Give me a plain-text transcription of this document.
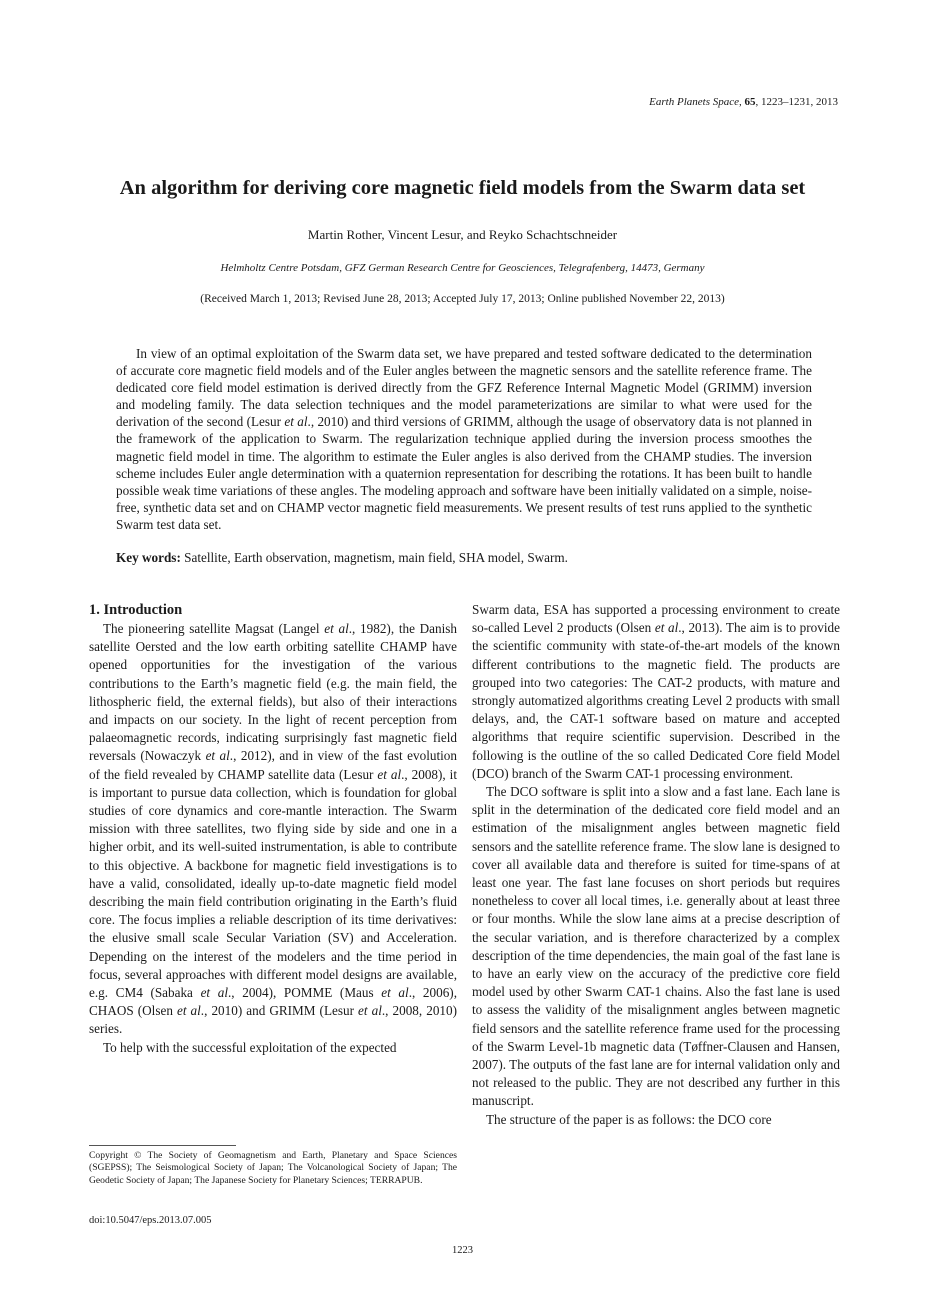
Earth Planets Space, 65, 1223–1231, 2013
An algorithm for deriving core magnetic field models from the Swarm data set
Martin Rother, Vincent Lesur, and Reyko Schachtschneider
Helmholtz Centre Potsdam, GFZ German Research Centre for Geosciences, Telegrafenberg, 14473, Germany
(Received March 1, 2013; Revised June 28, 2013; Accepted July 17, 2013; Online published November 22, 2013)

In view of an optimal exploitation of the Swarm data set, we have prepared and tested software dedicated to the determination of accurate core magnetic field models and of the Euler angles between the magnetic sensors and the satellite reference frame. The dedicated core field model estimation is derived directly from the GFZ Reference Internal Magnetic Model (GRIMM) inversion and modeling family. The data selection techniques and the model parameterizations are similar to what were used for the derivation of the second (Lesur et al., 2010) and third versions of GRIMM, although the usage of observatory data is not planned in the framework of the application to Swarm. The regularization technique applied during the inversion process smoothes the magnetic field model in time. The algorithm to estimate the Euler angles is also derived from the CHAMP studies. The inversion scheme includes Euler angle determination with a quaternion representation for describing the rotations. It has been built to handle possible weak time variations of these angles. The modeling approach and software have been initially validated on a simple, noise-free, synthetic data set and on CHAMP vector magnetic field measurements. We present results of test runs applied to the synthetic Swarm test data set.

Key words: Satellite, Earth observation, magnetism, main field, SHA model, Swarm.
1. Introduction

The pioneering satellite Magsat (Langel et al., 1982), the Danish satellite Oersted and the low earth orbiting satellite CHAMP have opened opportunities for the investigation of the various contributions to the Earth’s magnetic field (e.g. the main field, the lithospheric field, the external fields), but also of their interactions and impacts on our society. In the light of recent perception from palaeomagnetic records, indicating surprisingly fast magnetic field reversals (Nowaczyk et al., 2012), and in view of the fast evolution of the field revealed by CHAMP satellite data (Lesur et al., 2008), it is important to pursue data collection, which is foundation for global studies of core dynamics and core-mantle interaction. The Swarm mission with three satellites, two flying side by side and one in a higher orbit, and its well-suited instrumentation, is able to contribute to this objective. A backbone for magnetic field investigations is to have a valid, consolidated, ideally up-to-date magnetic field model describing the main field contribution originating in the Earth’s fluid core. The focus implies a reliable description of its time derivatives: the elusive small scale Secular Variation (SV) and Acceleration. Depending on the interest of the modelers and the time period in focus, several approaches with different model designs are available, e.g. CM4 (Sabaka et al., 2004), POMME (Maus et al., 2006), CHAOS (Olsen et al., 2010) and GRIMM (Lesur et al., 2008, 2010) series.

To help with the successful exploitation of the expected

Copyright © The Society of Geomagnetism and Earth, Planetary and Space Sciences (SGEPSS); The Seismological Society of Japan; The Volcanological Society of Japan; The Geodetic Society of Japan; The Japanese Society for Planetary Sciences; TERRAPUB.
doi:10.5047/eps.2013.07.005

Swarm data, ESA has supported a processing environment to create so-called Level 2 products (Olsen et al., 2013). The aim is to provide the scientific community with state-of-the-art models of the known different contributions to the magnetic field. The products are grouped into two categories: The CAT-2 products, with mature and strongly automatized algorithms creating Level 2 products with small delays, and, the CAT-1 software based on mature and accepted algorithms that require scientific supervision. Described in the following is the outline of the so called Dedicated Core field Model (DCO) branch of the Swarm CAT-1 processing environment.

The DCO software is split into a slow and a fast lane. Each lane is split in the determination of the dedicated core field model and an estimation of the misalignment angles between magnetic field sensors and the satellite reference frame. The slow lane is designed to cover all available data and therefore is suited for time-spans of at least one year. The fast lane focuses on short periods but requires nonetheless to cover all local times, i.e. generally about at least three or four months. While the slow lane aims at a precise description of the secular variation, and is therefore characterized by a complex description of the time dependencies, the main goal of the fast lane is to have an early view on the accuracy of the predictive core field model used by other Swarm CAT-1 chains. Also the fast lane is used to assess the validity of the misalignment angles between magnetic field sensors and the satellite reference frame used for the processing of the Swarm Level-1b magnetic data (Tøffner-Clausen and Hansen, 2007). The outputs of the fast lane are for internal validation only and not released to the public. They are not described any further in this manuscript.

The structure of the paper is as follows: the DCO core

1223
